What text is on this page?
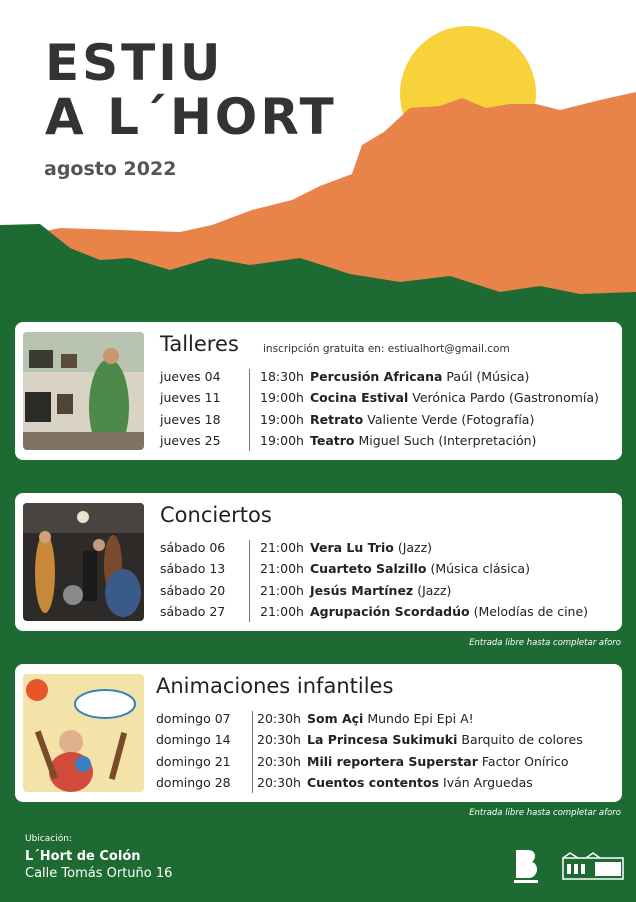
ESTIU
A L´HORT
agosto 2022
Talleres inscripción gratuita en: estiualhort@gmail.com
jueves 04	18:30h Percusión Africana Paúl (Música)
jueves 11	19:00h Cocina Estival Verónica Pardo (Gastronomía)
jueves 18	19:00h Retrato Valiente Verde (Fotografía)
jueves 25	19:00h Teatro Miguel Such (Interpretación)
Conciertos
sábado 06	21:00h Vera Lu Trio (Jazz)
sábado 13	21:00h Cuarteto Salzillo (Música clásica)
sábado 20	21:00h Jesús Martínez (Jazz)
sábado 27	21:00h Agrupación Scordadúo (Melodías de cine)
Entrada libre hasta completar aforo
Animaciones infantiles
domingo 07 20:30h Som Açi Mundo Epi Epi A!
domingo 14 20:30h La Princesa Sukimuki Barquito de colores
domingo 21 20:30h Mili reportera Superstar Factor Onírico
domingo 28 20:30h Cuentos contentos Iván Arguedas
Entrada libre hasta completar aforo
Ubicación:
L´Hort de Colón
Calle Tomás Ortuño 16
